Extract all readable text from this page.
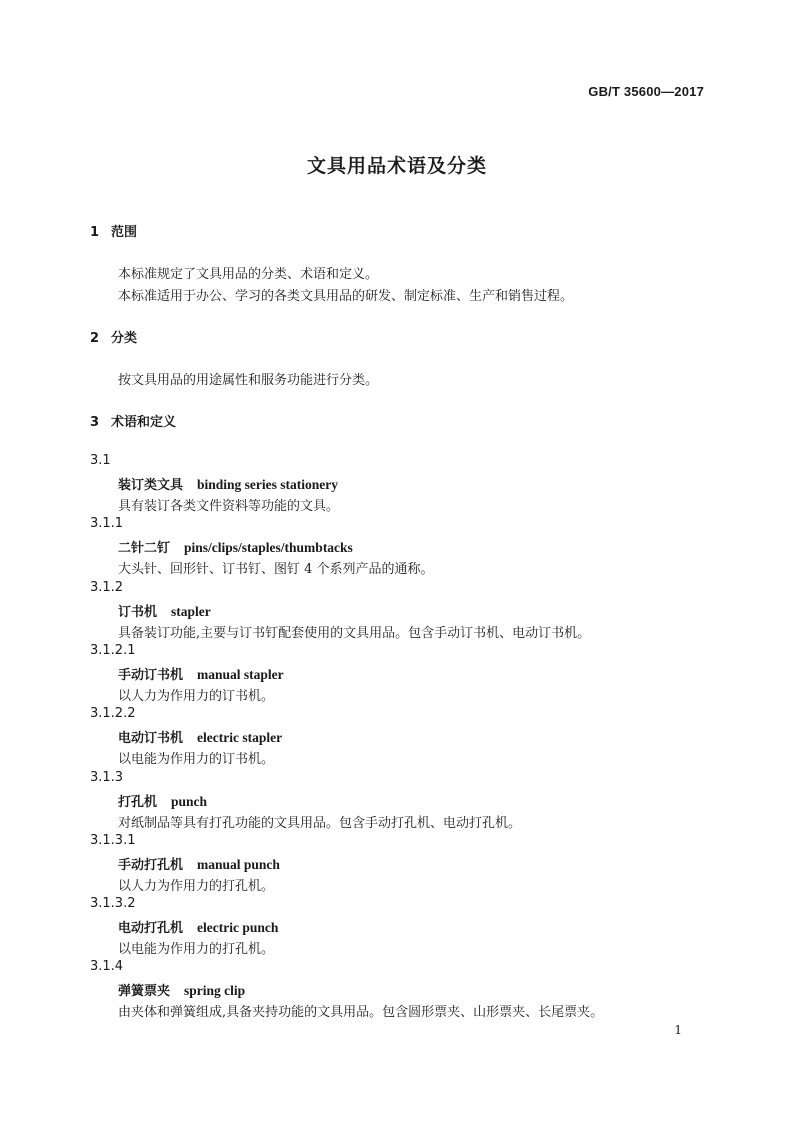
GB/T 35600—2017
文具用品术语及分类
1 范围
本标准规定了文具用品的分类、术语和定义。
本标准适用于办公、学习的各类文具用品的研发、制定标准、生产和销售过程。
2 分类
按文具用品的用途属性和服务功能进行分类。
3 术语和定义
3.1
装订类文具 binding series stationery
具有装订各类文件资料等功能的文具。
3.1.1
二针二钉 pins/clips/staples/thumbtacks
大头针、回形针、订书钉、图钉 4 个系列产品的通称。
3.1.2
订书机 stapler
具备装订功能,主要与订书钉配套使用的文具用品。包含手动订书机、电动订书机。
3.1.2.1
手动订书机 manual stapler
以人力为作用力的订书机。
3.1.2.2
电动订书机 electric stapler
以电能为作用力的订书机。
3.1.3
打孔机 punch
对纸制品等具有打孔功能的文具用品。包含手动打孔机、电动打孔机。
3.1.3.1
手动打孔机 manual punch
以人力为作用力的打孔机。
3.1.3.2
电动打孔机 electric punch
以电能为作用力的打孔机。
3.1.4
弹簧票夹 spring clip
由夹体和弹簧组成,具备夹持功能的文具用品。包含圆形票夹、山形票夹、长尾票夹。
1
